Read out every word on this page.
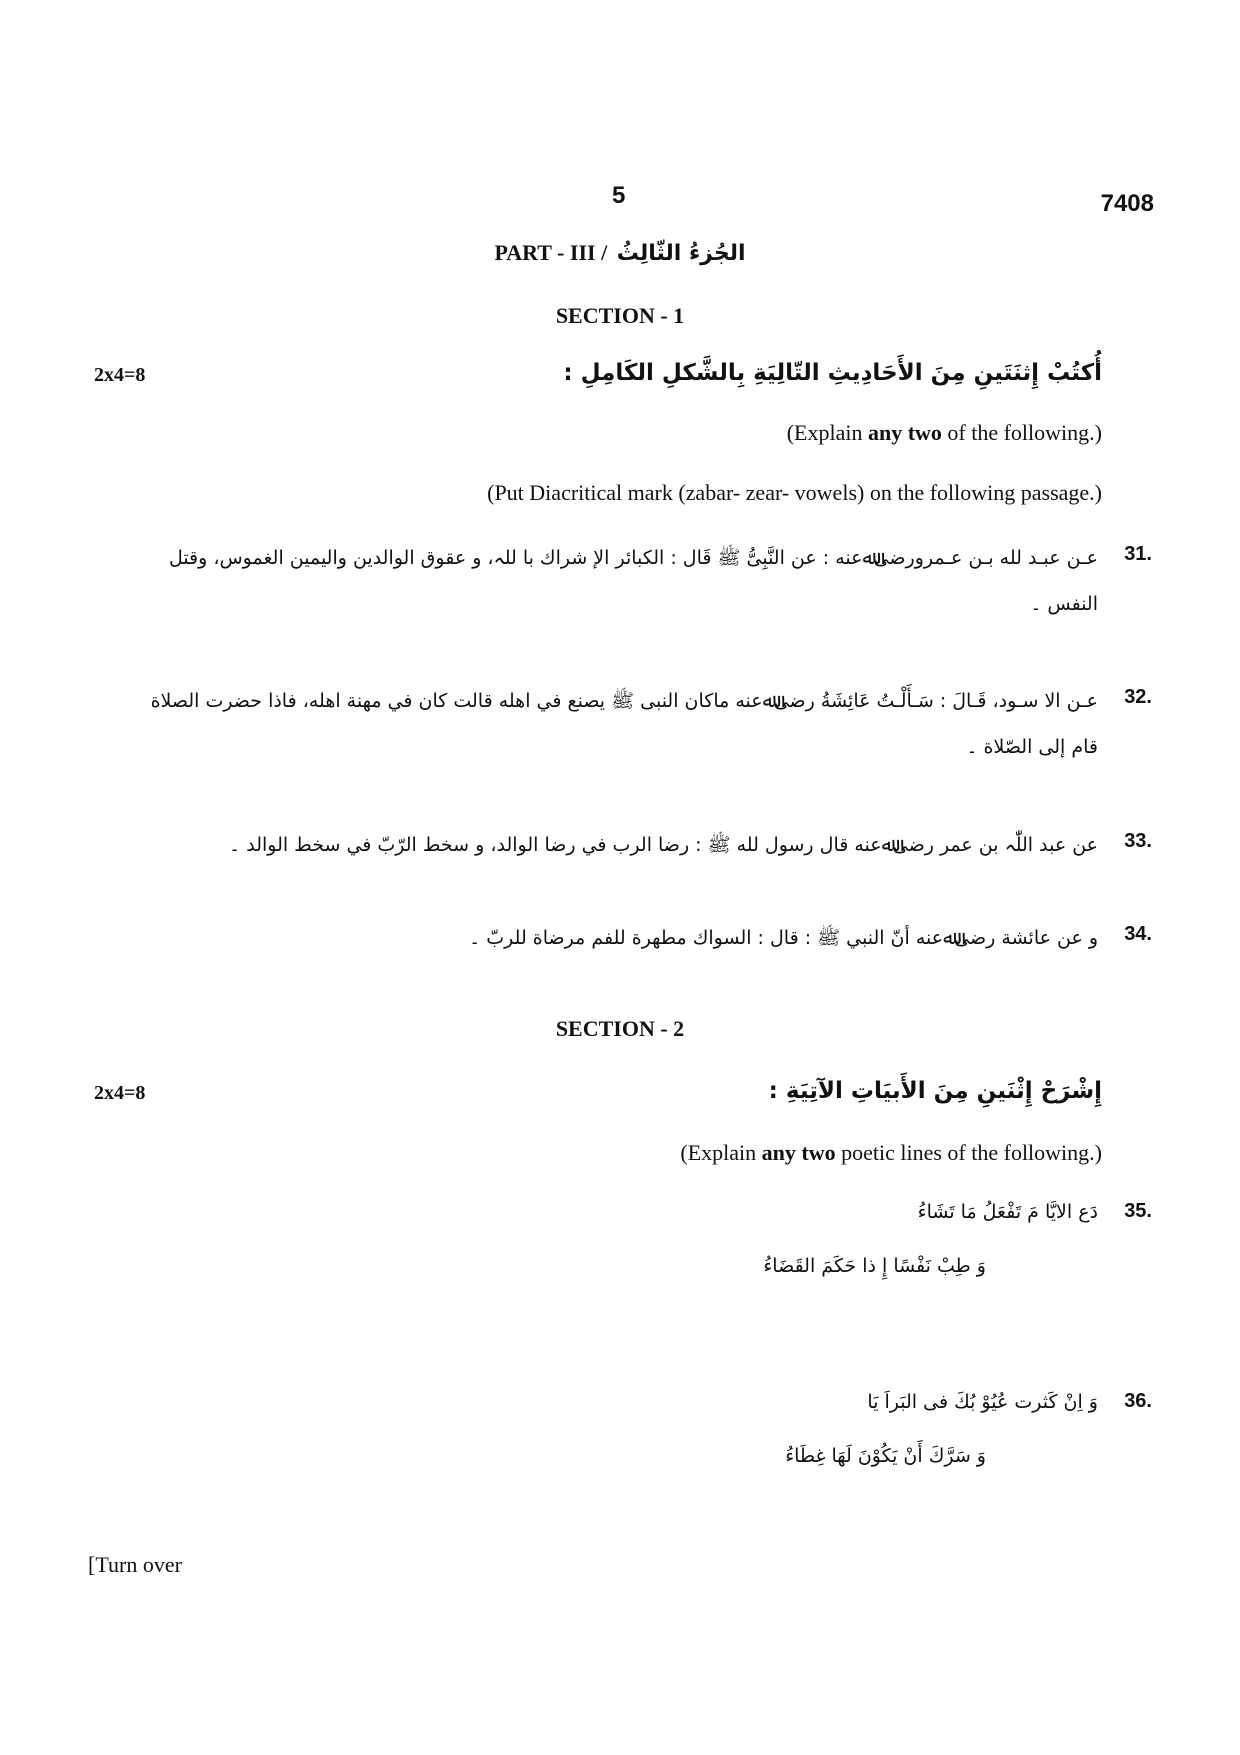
5	7408
PART - III / الجُزءُ الثّالِثُ
SECTION - 1
2x4=8	أُكتُبْ إِثنَتَينِ مِنَ الأَحَادِيثِ التّالِيَةِ بِالشَّكلِ الكَامِلِ :
(Explain any two of the following.)
(Put Diacritical mark (zabar- zear- vowels) on the following passage.)
31.
عـن عبـد لله بـن عـمرورضیﷲعنه : عن النَّبِیُّ ﷺ قَال : الكبائر الإ شراك با للہ، و عقوق الوالدين واليمين الغموس، وقتل النفس ۔
32.
عـن الا سـود، قَـالَ : سَـأَلْـتُ عَائِشَةُ رضیﷲعنه ماكان النبی ﷺ يصنع في اهله قالت كان في مهنة اهله، فاذا حضرت الصلاة قام إلى الصّلاة ۔
33.
عن عبد اللّٰہ بن عمر رضیﷲعنه قال رسول لله ﷺ : رضا الرب في رضا الوالد، و سخط الرّبّ في سخط الوالد ۔
34.
و عن عائشة رضیﷲعنه أنّ النبي ﷺ : قال : السواك مطهرة للفم مرضاة للربّ ۔
SECTION - 2
2x4=8	إِشْرَحْ إِثْنَينِ مِنَ الأَبيَاتِ الآتِيَةِ :
(Explain any two poetic lines of the following.)
35.
دَع الايَّا مَ تَفْعَلُ مَا تَشَاءُ
وَ طِبْ نَفْسًا إِ ذا حَكَمَ القَضَاءُ
36.
وَ اِنْ كَثرت عُيُوْ بُكَ فی البَراَ يَا
وَ سَرَّكَ أَنْ يَكُوْنَ لَهَا غِطَاءُ
[Turn over
